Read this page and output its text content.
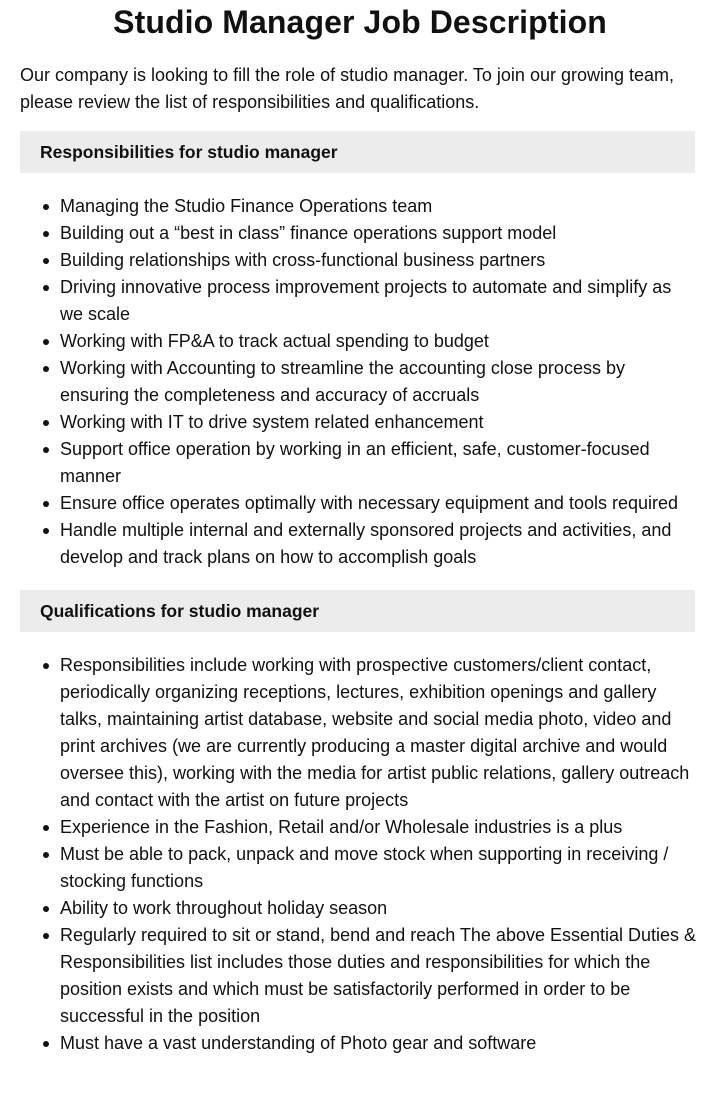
Studio Manager Job Description

Our company is looking to fill the role of studio manager. To join our growing team, please review the list of responsibilities and qualifications.

Responsibilities for studio manager
Managing the Studio Finance Operations team
Building out a “best in class” finance operations support model
Building relationships with cross-functional business partners
Driving innovative process improvement projects to automate and simplify as we scale
Working with FP&A to track actual spending to budget
Working with Accounting to streamline the accounting close process by ensuring the completeness and accuracy of accruals
Working with IT to drive system related enhancement
Support office operation by working in an efficient, safe, customer-focused manner
Ensure office operates optimally with necessary equipment and tools required
Handle multiple internal and externally sponsored projects and activities, and develop and track plans on how to accomplish goals
Qualifications for studio manager
Responsibilities include working with prospective customers/client contact, periodically organizing receptions, lectures, exhibition openings and gallery talks, maintaining artist database, website and social media photo, video and print archives (we are currently producing a master digital archive and would oversee this), working with the media for artist public relations, gallery outreach and contact with the artist on future projects
Experience in the Fashion, Retail and/or Wholesale industries is a plus
Must be able to pack, unpack and move stock when supporting in receiving / stocking functions
Ability to work throughout holiday season
Regularly required to sit or stand, bend and reach The above Essential Duties & Responsibilities list includes those duties and responsibilities for which the position exists and which must be satisfactorily performed in order to be successful in the position
Must have a vast understanding of Photo gear and software
